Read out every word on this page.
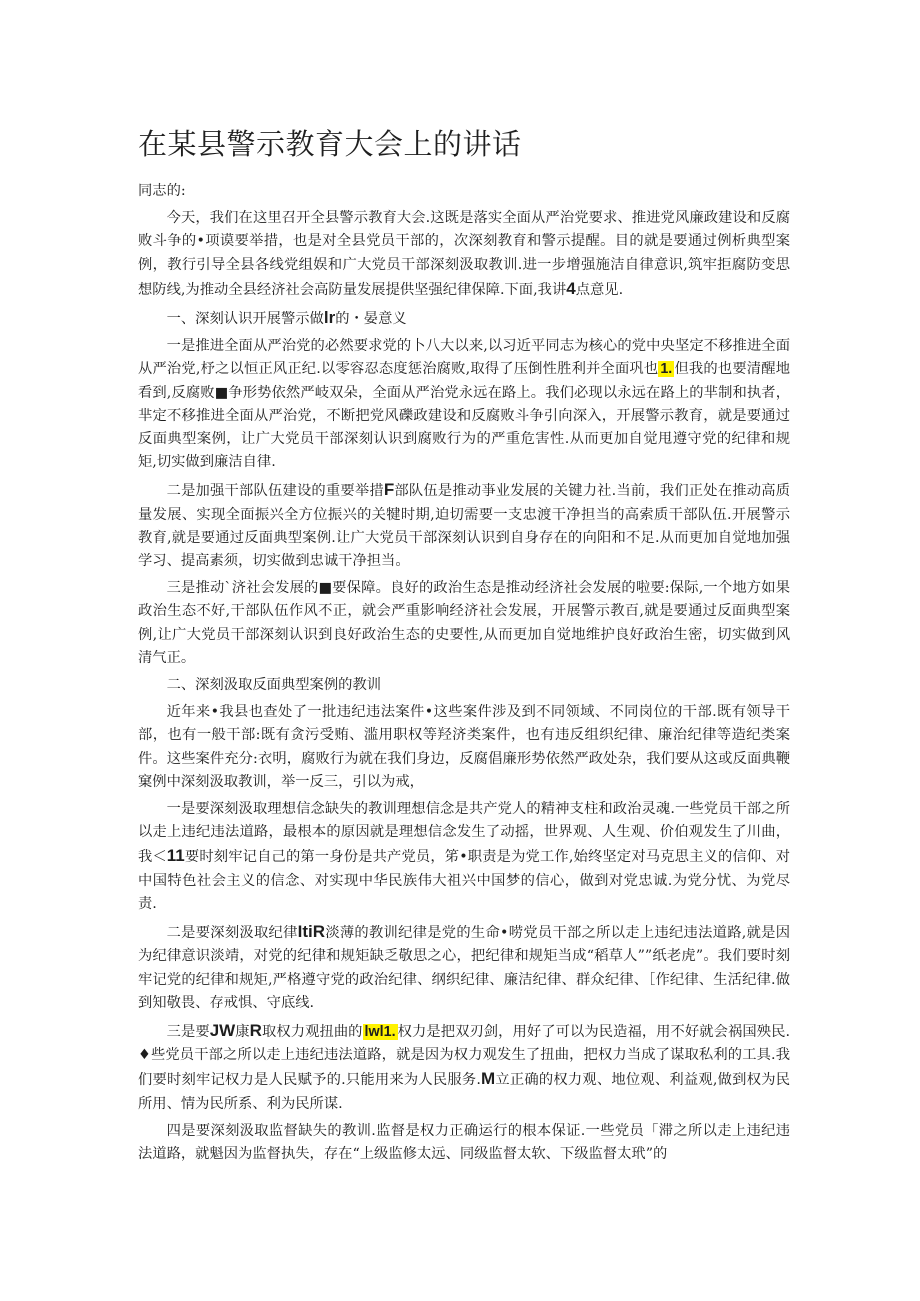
在某县警示教育大会上的讲话

同志的:

今天，我们在这里召开全县警示教育大会.这既是落实全面从严治党要求、推进党风廉政建设和反腐败斗争的•项谟要举措，也是对全县党员干部的，次深刻教育和警示提醒。目的就是要通过例析典型案例，教行引导全县各线党组娱和广大党员干部深刻汲取教训.进一步增强施洁自律意识,筑牢拒腐防变思想防线,为推动全县经济社会高防量发展提供坚强纪律保障.下面,我讲4点意见.

一、深刻认识开展警示做lr的・晏意义

一是推进全面从严治党的必然要求党的卜八大以来,以习近平同志为核心的党中央坚定不移推进全面从严治党,杼之以恒正风正纪.以零容忍态度惩治腐败,取得了压倒性胜利并全面巩也 1. 但我的也要清醒地看到,反腐败■争形势依然严岐双朵，全面从严治党永远在路上。我们必现以永远在路上的芈制和执者，芈定不移推进全面从严治党，不断把党风礫政建设和反腐败斗争引向深入，开展警示教育，就是要通过反面典型案例，让广大党员干部深刻认识到腐败行为的严重危害性.从而更加自觉甩遵守党的纪律和规矩,切实做到廉洁自律.

二是加强干部队伍建设的重要举措F部队伍是推动亊业发展的关键力社.当前，我们正处在推动高质量发展、实现全面振兴全方位振兴的关犍时期,迫切需要一支忠渡干净担当的高索质干部队伍.开展警示教育,就是要通过反面典型案例.让广大党员干部深刻认识到自身存在的向阳和不足.从而更加自觉地加强学习、提高素须，切实做到忠诚干净担当。

三是推动`济社会发展的■要保障。良好的政治生态是推动经济社会发展的啦要:保际,一个地方如果政治生态不好,干部队伍作风不正，就会严重影响经济社会发展，开展警示教百,就是要通过反面典型案例,让广大党员干部深刻认识到良好政治生态的史要性,从而更加自觉地维护良好政治生密，切实做到风清气正。

二、深刻汲取反面典型案例的教训

近年来•我县也查处了一批违纪违法案件•这些案件涉及到不同领域、不同岗位的干部.既有领导干部，也有一般干部:既有贪污受贿、滥用职权等羟济类案件，也有违反组织纪律、廉治纪律等造纪类案件。这些案件充分:衣明，腐败行为就在我们身边，反腐倡廉形势依然严政处杂，我们要从这或反面典鞭窠例中深刻汲取教训，举一反三，引以为戒，

一是要深刻汲取理想信念缺失的教训理想信念是共产党人的精神支柱和政治灵魂.一些党员干部之所以走上违纪违法道路，最根本的原因就是理想信念发生了动摇，世界观、人生观、价伯观发生了川曲，我＜11要时刻牢记自己的第一身份是共产党员，笫•职责是为党工作,始终坚定对马克思主义的信仰、对中国特色社会主义的信念、对实现中华民族伟大祖兴中国梦的信心，做到对党忠诚.为党分忧、为党尽责.

二是要深刻汲取纪律ItiR淡薄的教训纪律是党的生命•唠党员干部之所以走上违纪违法道路,就是因为纪律意识淡靖，对党的纪律和规矩缺乏敬思之心，把纪律和规矩当成“稻草人””纸老虎”。我们要时刻牢记党的纪律和规矩,严格遵守党的政治纪律、纲织纪律、廉洁纪律、群众纪律、［作纪律、生活纪律.做到知敬畏、存戒惧、守底线.

三是要JW康R取权力观扭曲的 lwl1. 权力是把双刃剑，用好了可以为民造福，用不好就会祸国殃民.♦些党员干部之所以走上违纪违法道路，就是因为权力观发生了扭曲，把权力当成了谋取私利的工具.我们要时刻牢记权力是人民赋予的.只能用来为人民服务.M立正确的权力观、地位观、利益观,做到权为民所用、情为民所系、利为民所谋.

四是要深刻汲取监督缺失的教训.监督是权力正确运行的根本保证.一些党员「滞之所以走上违纪违法道路，就魁因为监督执失，存在“上级监修太远、同级监督太软、下级监督太玳”的
